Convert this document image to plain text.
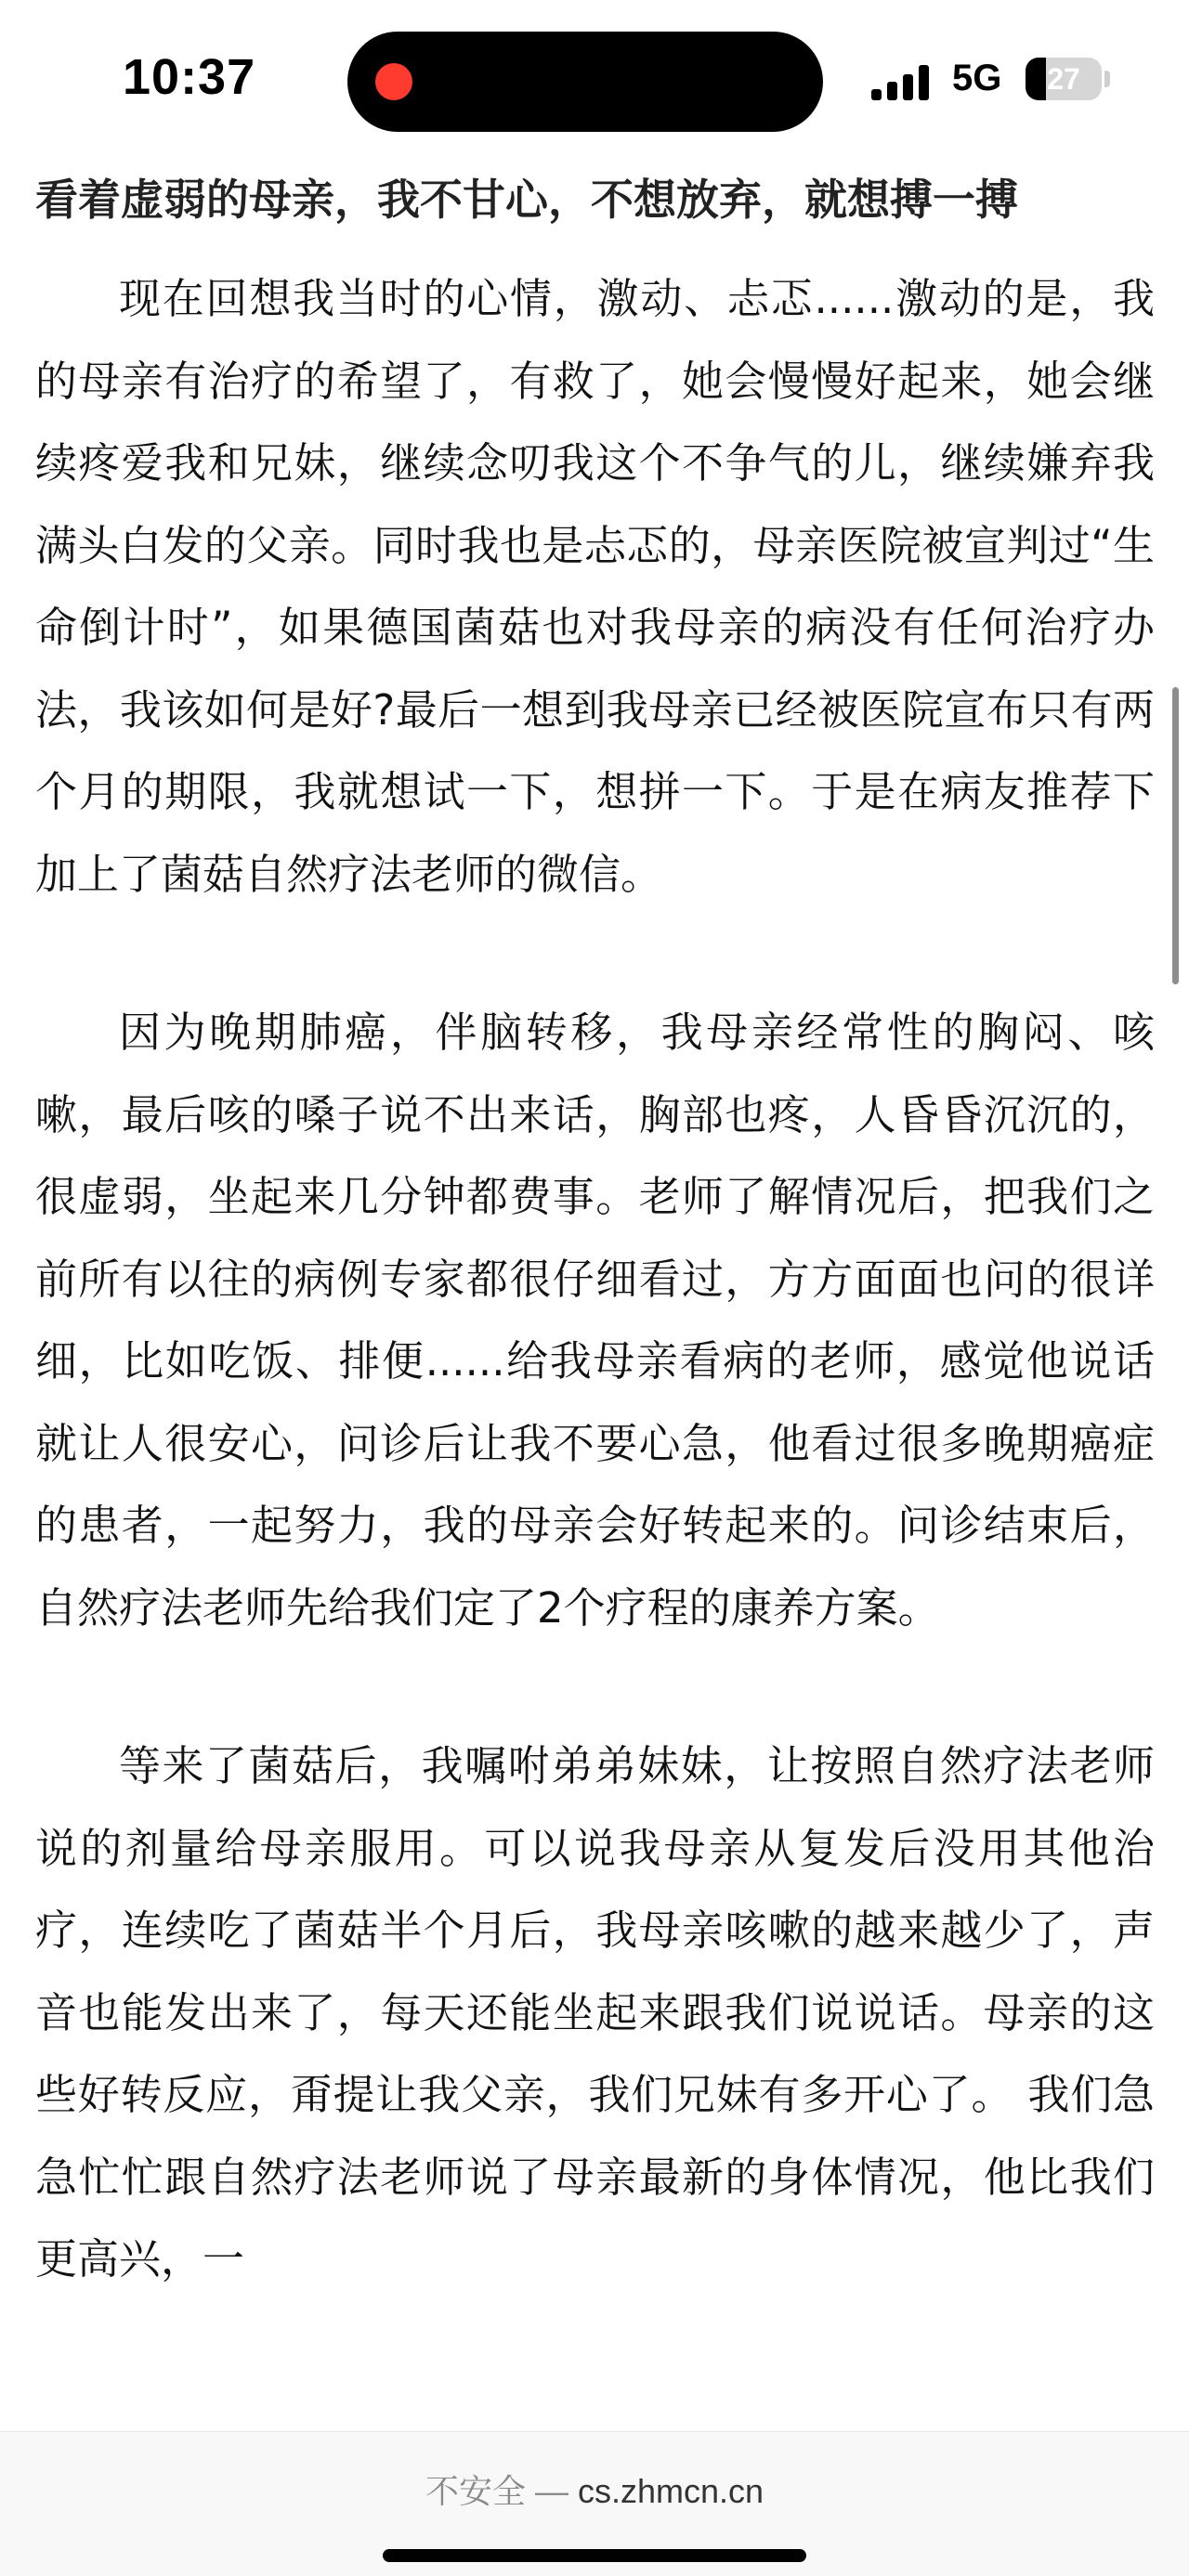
10:37	5G	27
看着虚弱的母亲，我不甘心，不想放弃，就想搏一搏

现在回想我当时的心情，激动、忐忑......激动的是，我的母亲有治疗的希望了，有救了，她会慢慢好起来，她会继续疼爱我和兄妹，继续念叨我这个不争气的儿，继续嫌弃我满头白发的父亲。同时我也是忐忑的，母亲医院被宣判过“生命倒计时”，如果德国菌菇也对我母亲的病没有任何治疗办法，我该如何是好?最后一想到我母亲已经被医院宣布只有两个月的期限，我就想试一下，想拼一下。于是在病友推荐下加上了菌菇自然疗法老师的微信。

因为晚期肺癌，伴脑转移，我母亲经常性的胸闷、咳嗽，最后咳的嗓子说不出来话，胸部也疼，人昏昏沉沉的，很虚弱，坐起来几分钟都费事。老师了解情况后，把我们之前所有以往的病例专家都很仔细看过，方方面面也问的很详细，比如吃饭、排便......给我母亲看病的老师，感觉他说话就让人很安心，问诊后让我不要心急，他看过很多晚期癌症的患者，一起努力，我的母亲会好转起来的。问诊结束后，自然疗法老师先给我们定了2个疗程的康养方案。

等来了菌菇后，我嘱咐弟弟妹妹，让按照自然疗法老师说的剂量给母亲服用。可以说我母亲从复发后没用其他治疗，连续吃了菌菇半个月后，我母亲咳嗽的越来越少了，声音也能发出来了，每天还能坐起来跟我们说说话。母亲的这些好转反应，甭提让我父亲，我们兄妹有多开心了。 我们急急忙忙跟自然疗法老师说了母亲最新的身体情况，他比我们更高兴，一

不安全 — cs.zhmcn.cn
